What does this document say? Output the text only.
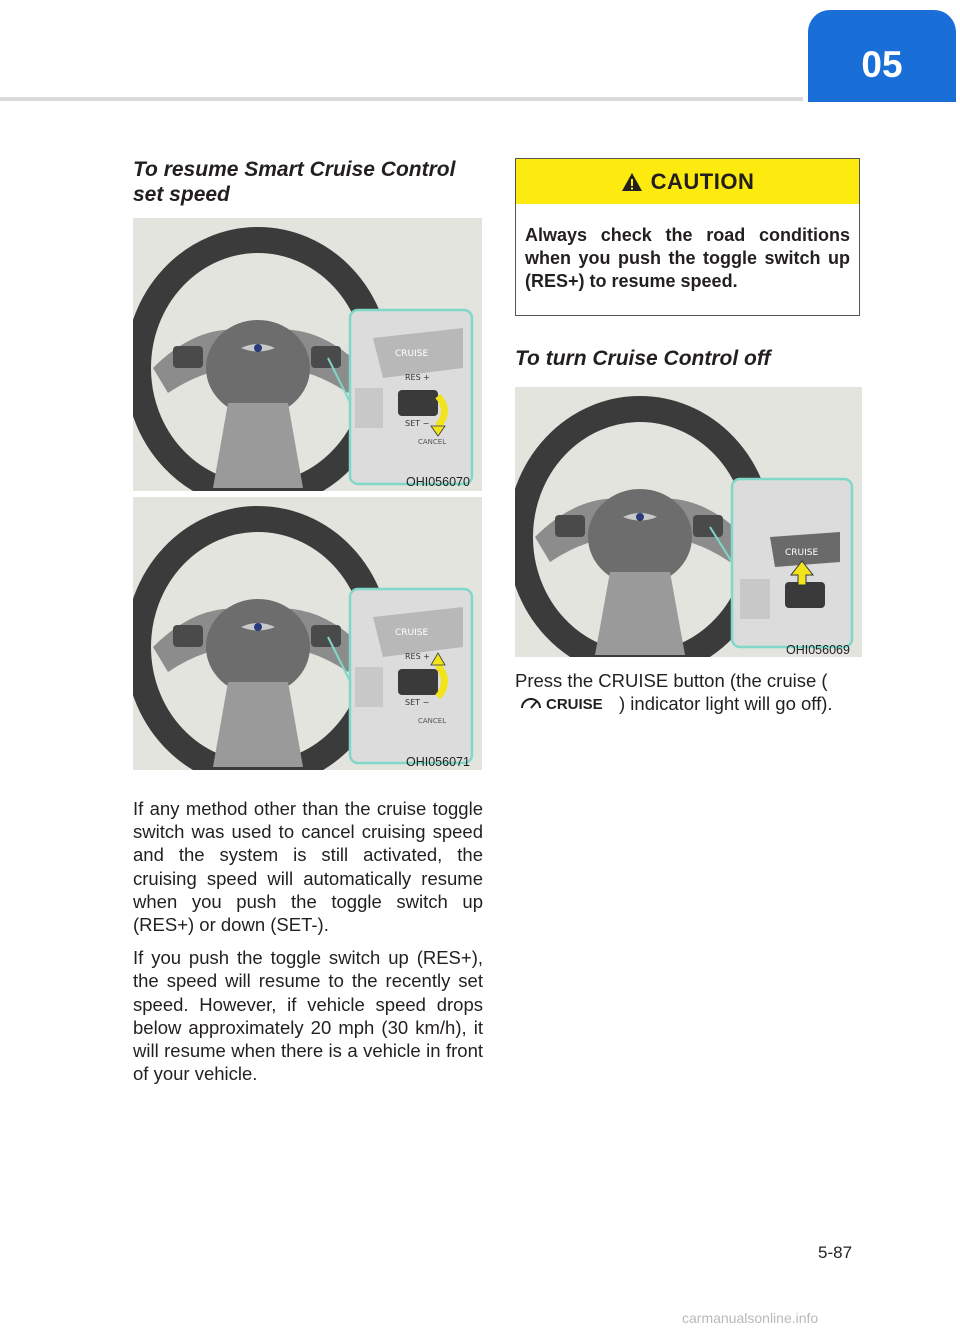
05

To resume Smart Cruise Control set speed

CRUISE
RES +
SET −
CANCEL
OHI056070
CRUISE
RES +
SET −
CANCEL
OHI056071

If any method other than the cruise toggle switch was used to cancel cruising speed and the system is still activated, the cruising speed will automatically resume when you push the toggle switch up (RES+) or down (SET-).

If you push the toggle switch up (RES+), the speed will resume to the recently set speed. However, if vehicle speed drops below approximately 20 mph (30 km/h), it will resume when there is a vehicle in front of your vehicle.

CAUTION
Always check the road conditions when you push the toggle switch up (RES+) to resume speed.

To turn Cruise Control off

CRUISE
OHI056069

Press the CRUISE button (the cruise (
CRUISE ) indicator light will go off).

5-87
carmanualsonline.info
